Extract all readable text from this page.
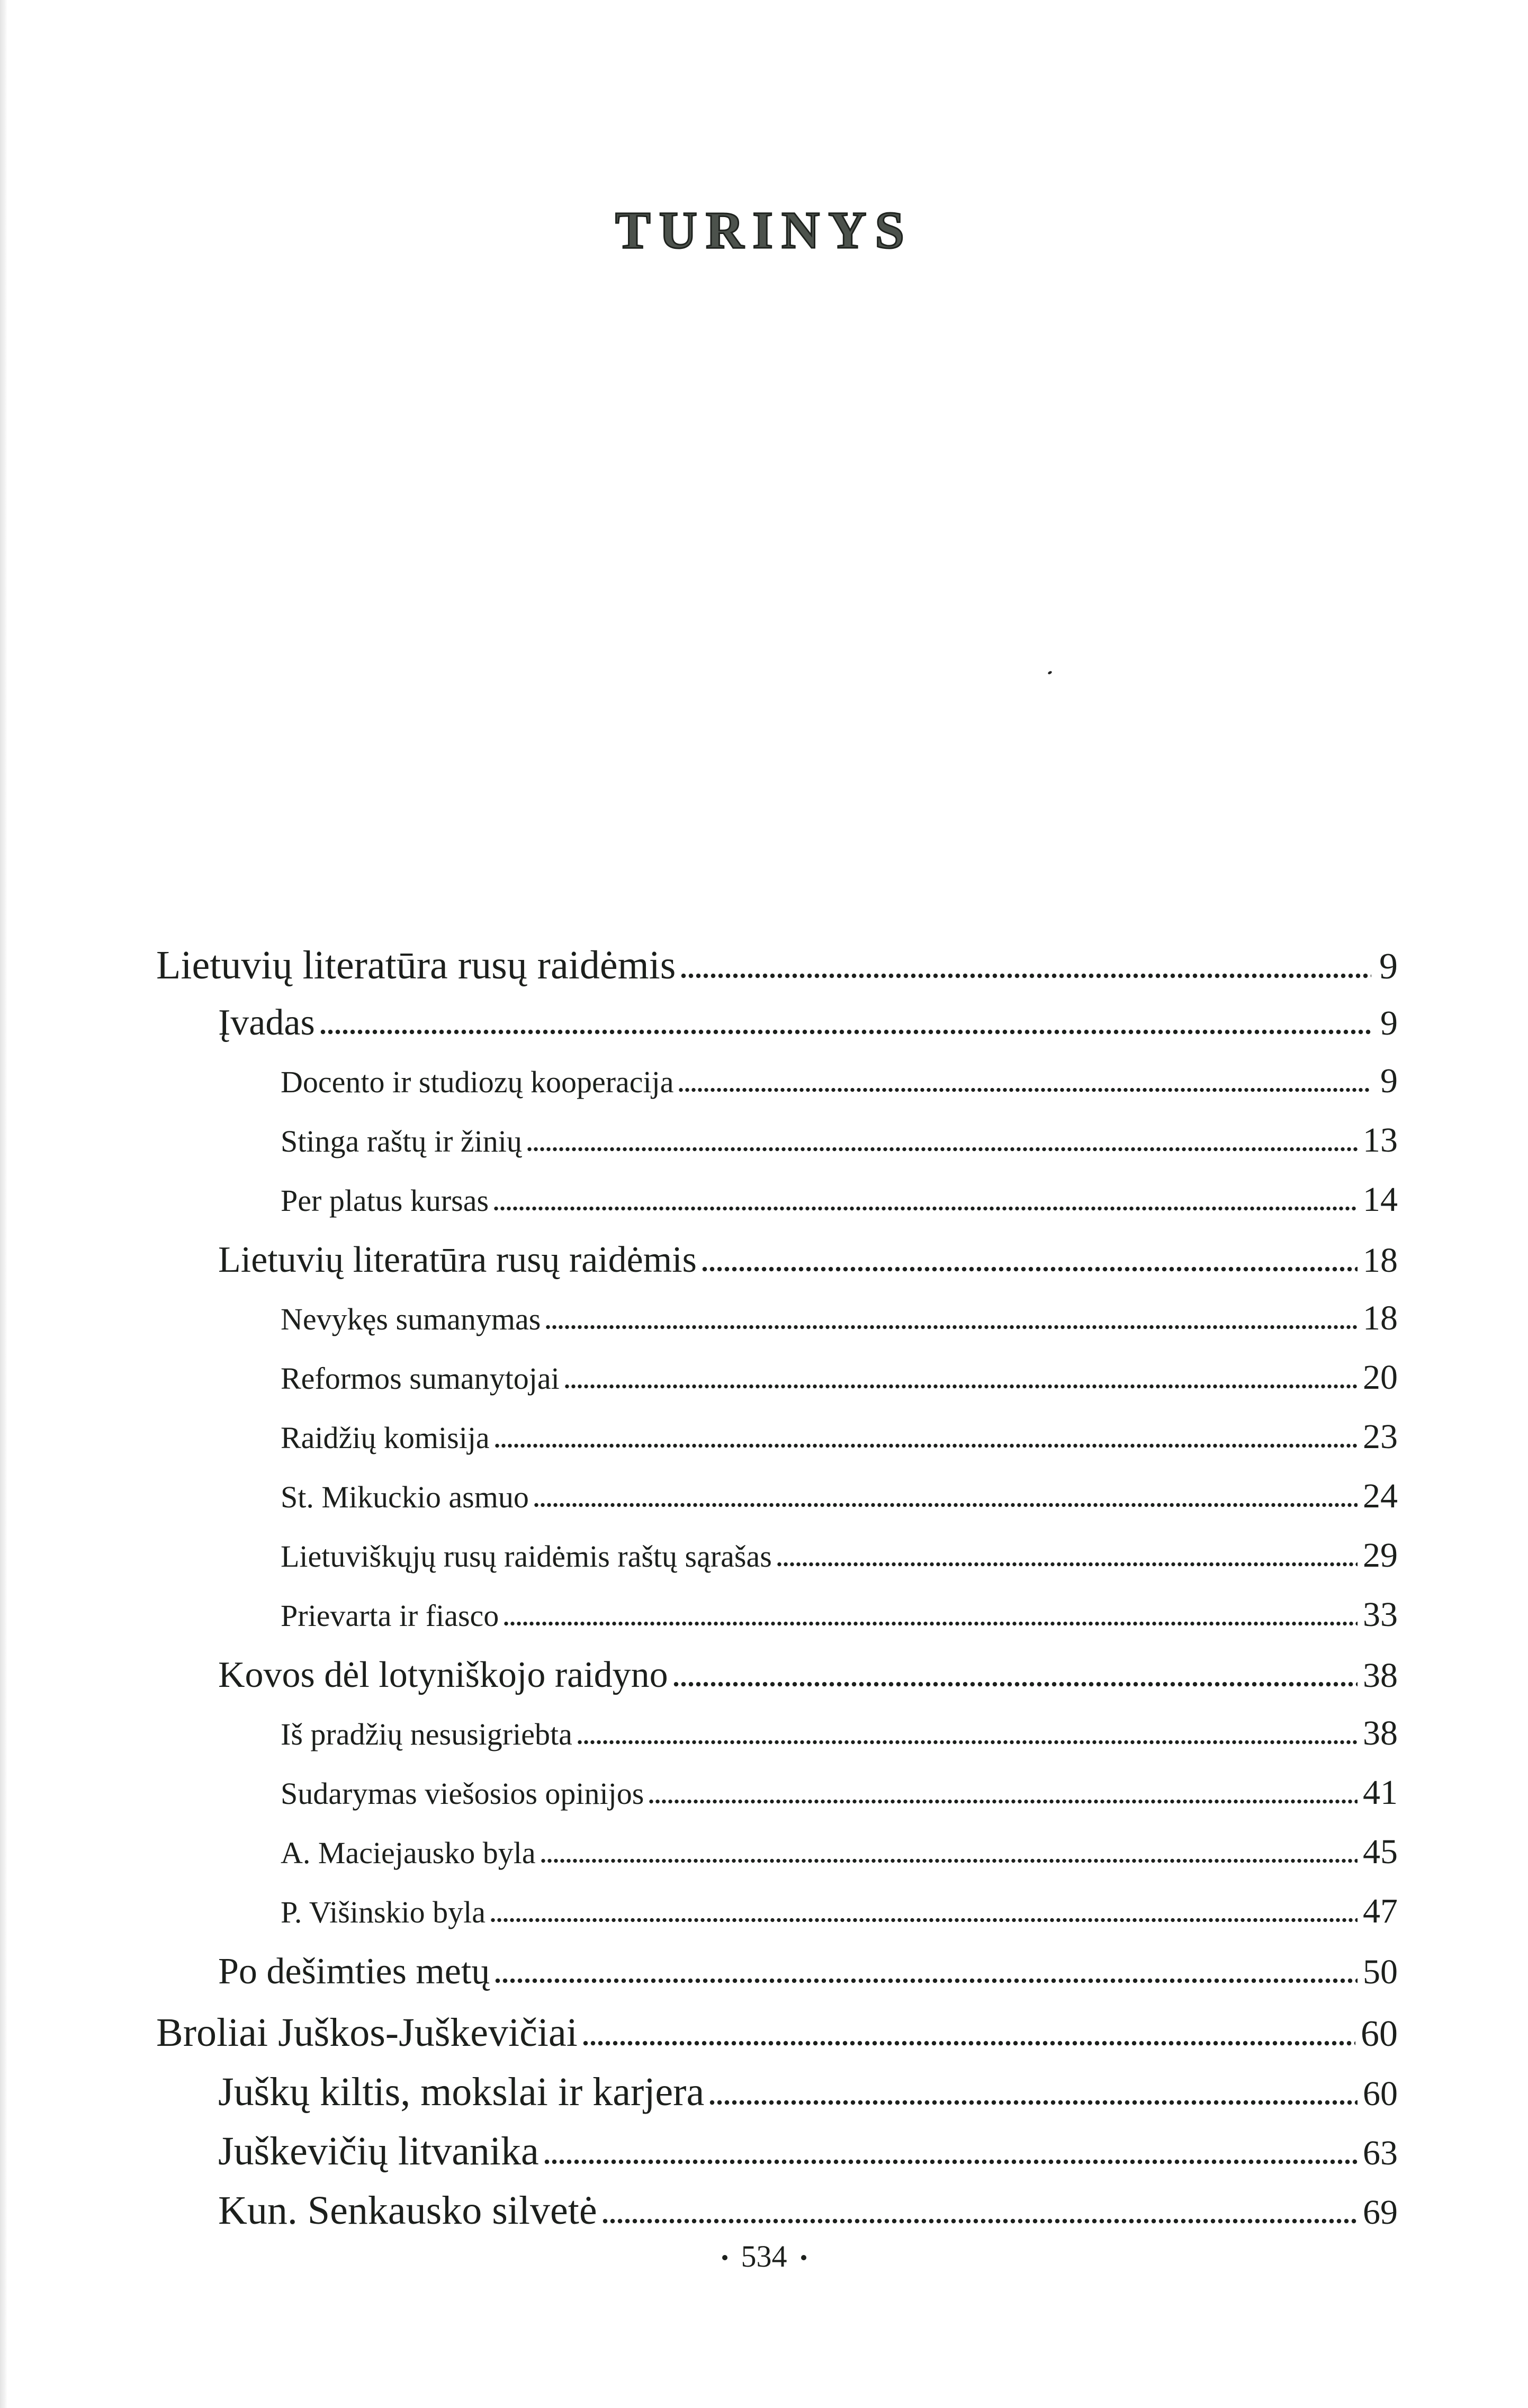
TURINYS
Lietuvių literatūra rusų raidėmis	9
Įvadas	9
Docento ir studiozų kooperacija	9
Stinga raštų ir žinių	13
Per platus kursas	14
Lietuvių literatūra rusų raidėmis	18
Nevykęs sumanymas	18
Reformos sumanytojai	20
Raidžių komisija	23
St. Mikuckio asmuo	24
Lietuviškųjų rusų raidėmis raštų sąrašas	29
Prievarta ir fiasco	33
Kovos dėl lotyniškojo raidyno	38
Iš pradžių nesusigriebta	38
Sudarymas viešosios opinijos	41
A. Maciejausko byla	45
P. Višinskio byla	47
Po dešimties metų	50
Broliai Juškos-Juškevičiai	60
Juškų kiltis, mokslai ir karjera	60
Juškevičių litvanika	63
Kun. Senkausko silvetė	69
534
